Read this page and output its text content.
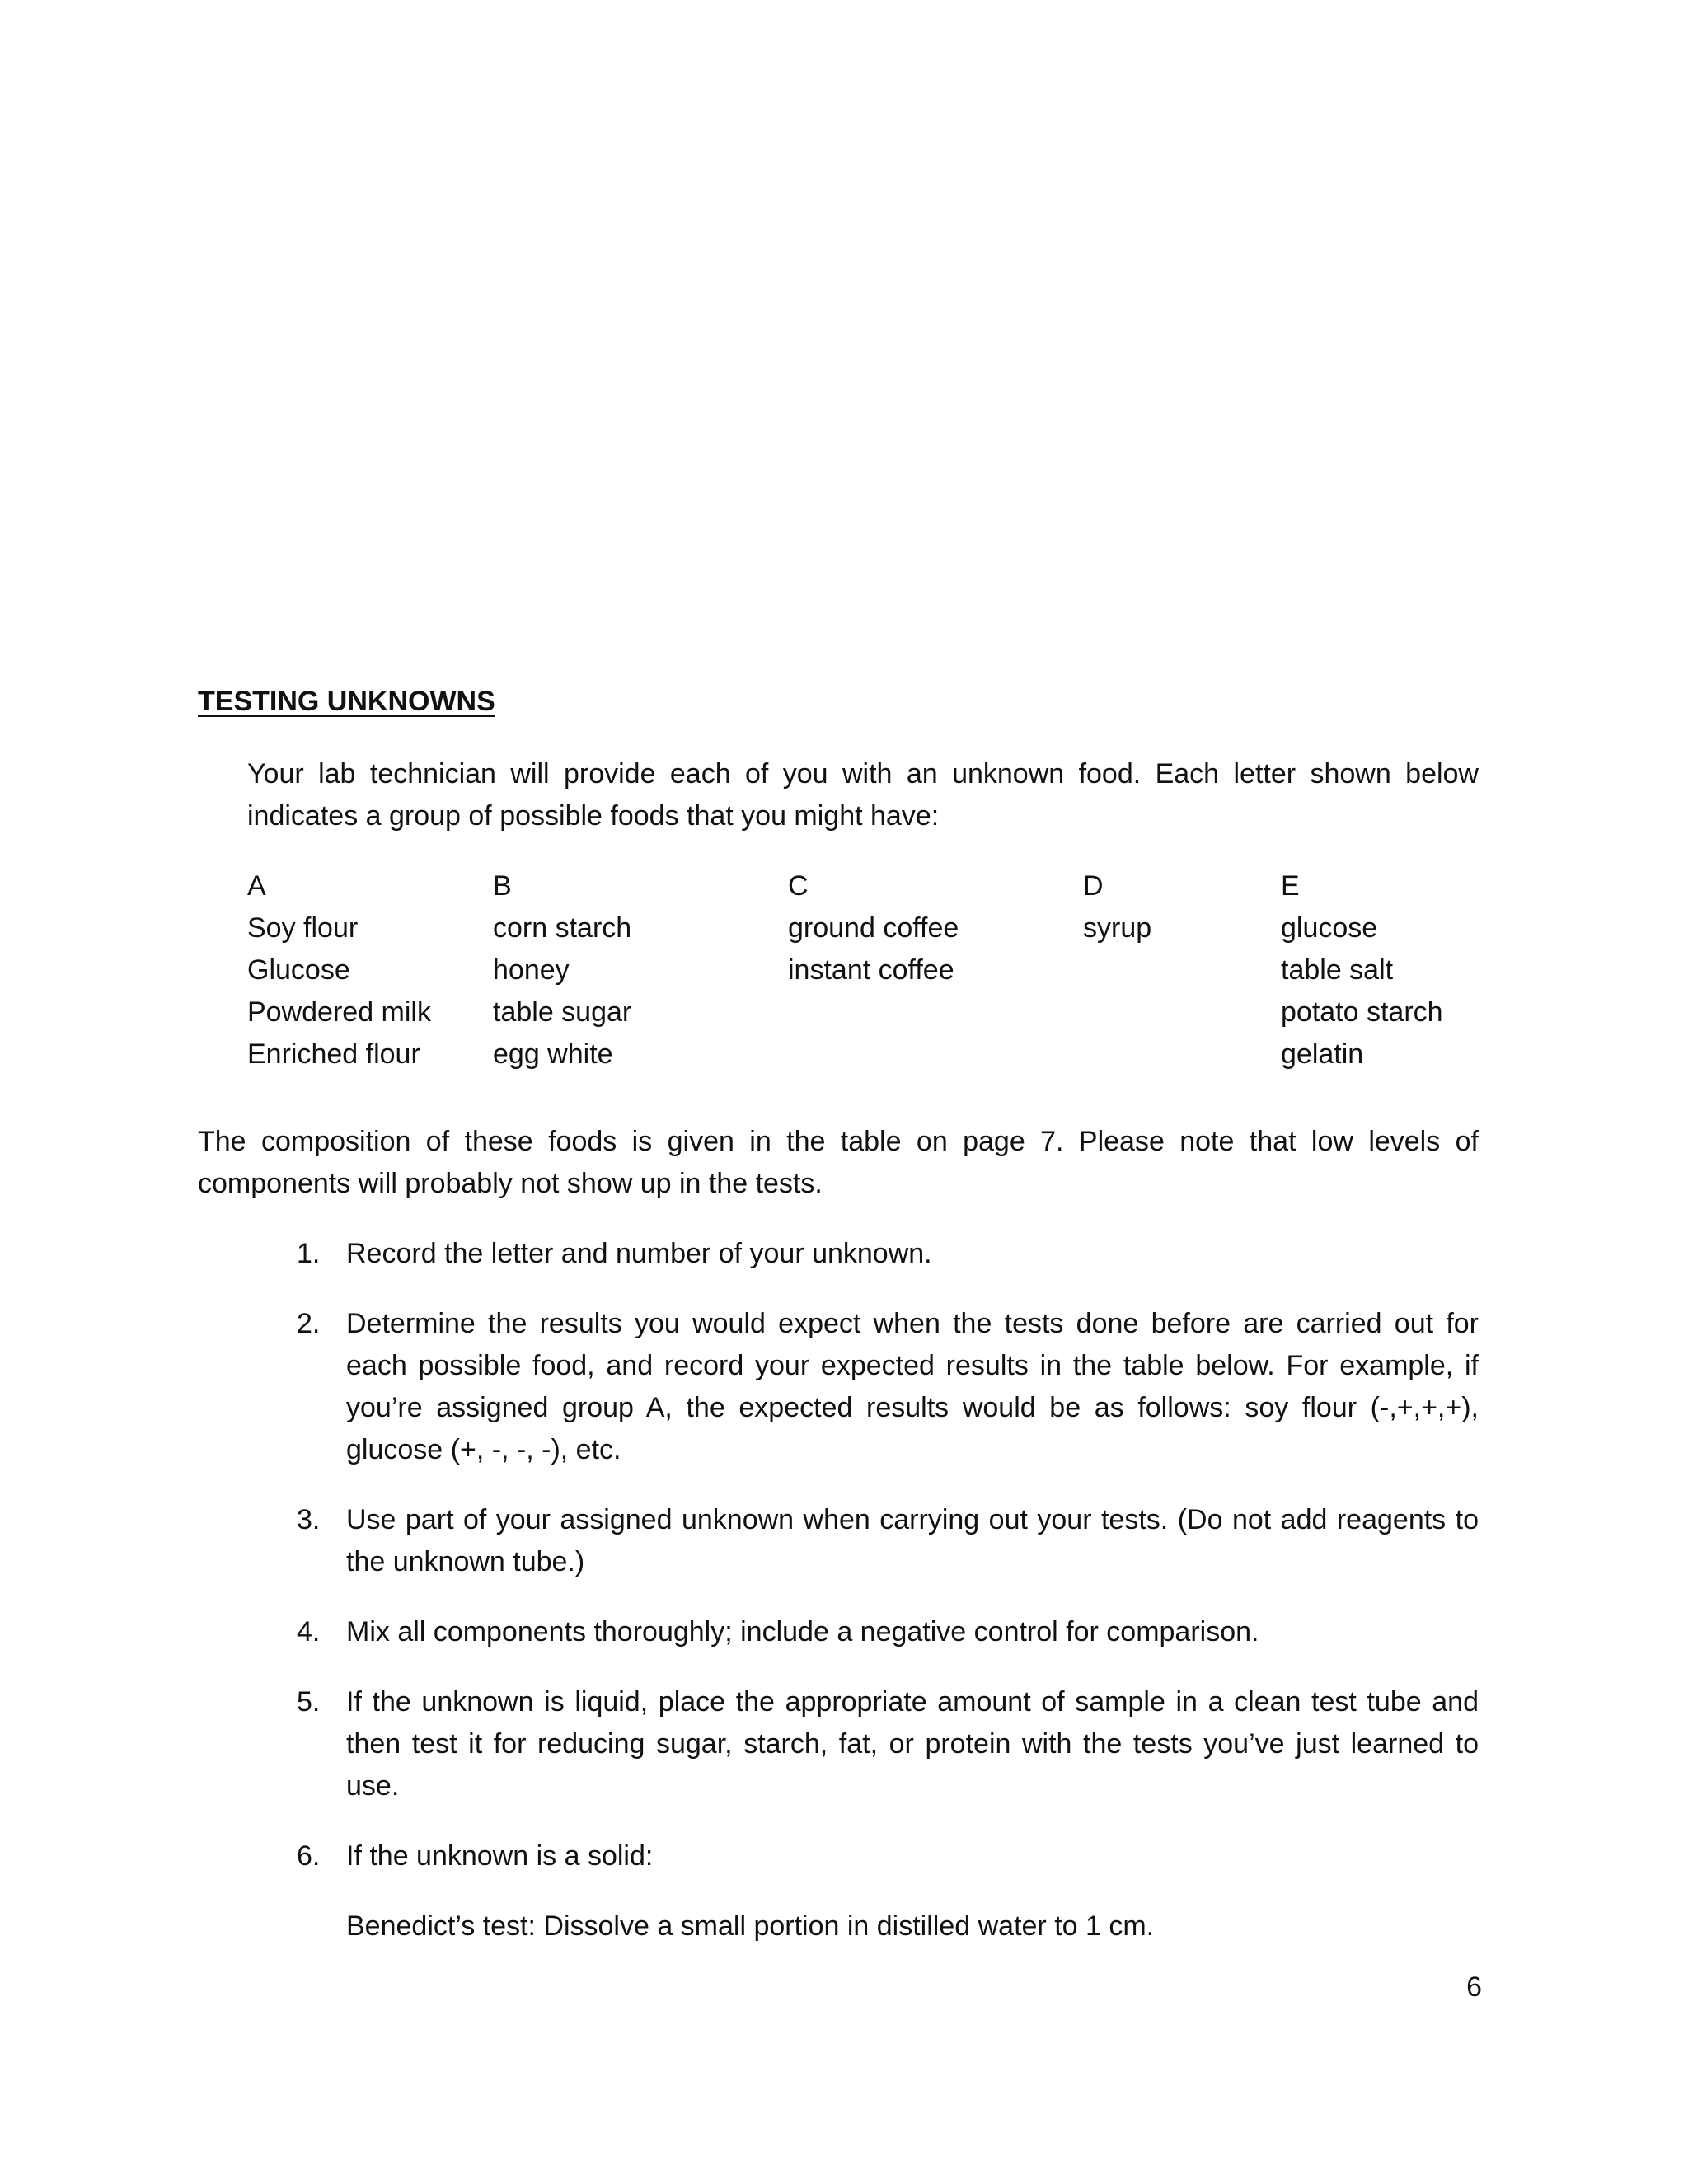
TESTING UNKNOWNS

Your lab technician will provide each of you with an unknown food. Each letter shown below indicates a group of possible foods that you might have:

A
Soy flour
Glucose
Powdered milk
Enriched flour
B
corn starch
honey
table sugar
egg white
C
ground coffee
instant coffee
D
syrup
E
glucose
table salt
potato starch
gelatin

The composition of these foods is given in the table on page 7. Please note that low levels of components will probably not show up in the tests.

1. Record the letter and number of your unknown.
2. Determine the results you would expect when the tests done before are carried out for each possible food, and record your expected results in the table below. For example, if you’re assigned group A, the expected results would be as follows: soy flour (-,+,+,+), glucose (+, -, -, -), etc.
3. Use part of your assigned unknown when carrying out your tests. (Do not add reagents to the unknown tube.)
4. Mix all components thoroughly; include a negative control for comparison.
5. If the unknown is liquid, place the appropriate amount of sample in a clean test tube and then test it for reducing sugar, starch, fat, or protein with the tests you’ve just learned to use.
6. If the unknown is a solid:

Benedict’s test: Dissolve a small portion in distilled water to 1 cm.

6
